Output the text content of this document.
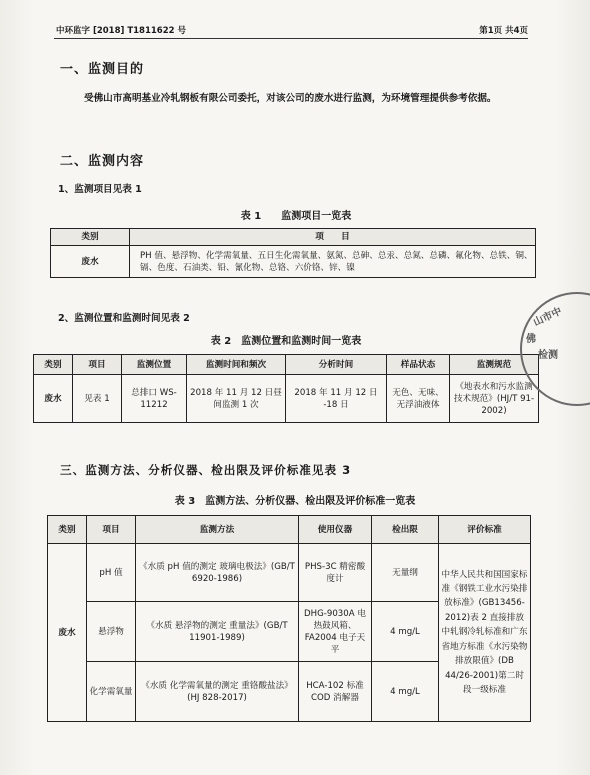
中环监字 [2018] T1811622 号	第1页 共4页
一、监测目的
受佛山市高明基业冷轧钢板有限公司委托，对该公司的废水进行监测，为环境管理提供参考依据。
二、监测内容
1、监测项目见表 1
表 1　　监测项目一览表
类别	项　　目
废水	PH 值、悬浮物、化学需氧量、五日生化需氧量、氨氮、总砷、总汞、总氮、总磷、氟化物、总铁、铜、镉、色度、石油类、铅、氰化物、总铬、六价铬、锌、镍
2、监测位置和监测时间见表 2
表 2　监测位置和监测时间一览表
类别	项目	监测位置	监测时间和频次	分析时间	样品状态	监测规范
废水	见表 1	总排口 WS-11212	2018 年 11 月 12 日昼间监测 1 次	2018 年 11 月 12 日 -18 日	无色、无味、无浮油液体	《地表水和污水监测技术规范》(HJ/T 91-2002)
三、监测方法、分析仪器、检出限及评价标准见表 3
表 3　监测方法、分析仪器、检出限及评价标准一览表
类别	项目	监测方法	使用仪器	检出限	评价标准
废水	pH 值	《水质 pH 值的测定 玻璃电极法》(GB/T 6920-1986)	PHS-3C 精密酸度计	无量纲	中华人民共和国国家标准《钢铁工业水污染排放标准》(GB13456-2012)表 2 直接排放中轧钢冷轧标准和广东省地方标准《水污染物排放限值》(DB 44/26-2001)第二时段一级标准
	悬浮物	《水质 悬浮物的测定 重量法》(GB/T 11901-1989)	DHG-9030A 电热鼓风箱、FA2004 电子天平	4 mg/L	
	化学需氧量	《水质 化学需氧量的测定 重铬酸盐法》(HJ 828-2017)	HCA-102 标准 COD 消解器	4 mg/L	
山市中
检测
佛
